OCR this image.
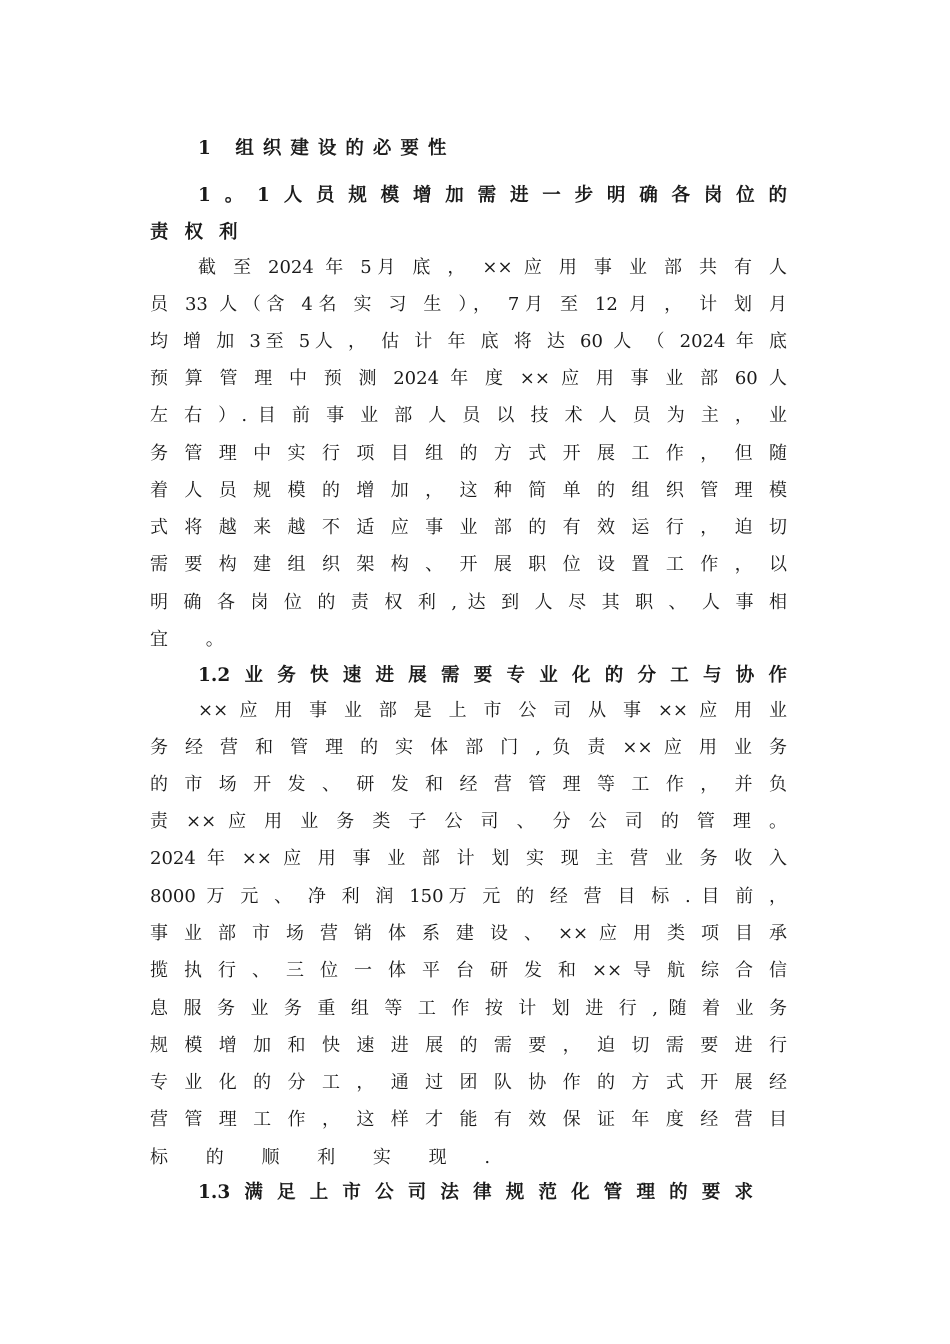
1 组织建设的必要性
1。1人员规模增加需进一步明确各岗位的
责权利
截 至 2024 年 5月 底 ， ×× 应 用 事 业 部 共 有 人
员 33 人（含 4名 实 习 生 ）， 7月 至 12 月 ， 计 划 月
均 增 加 3至 5人 ， 估 计 年 底 将 达 60 人 （ 2024 年 底
预 算 管 理 中 预 测 2024 年 度 ×× 应 用 事 业 部 60 人
左 右 ）. 目 前 事 业 部 人 员 以 技 术 人 员 为 主 ， 业
务 管 理 中 实 行 项 目 组 的 方 式 开 展 工 作 ， 但 随
着 人 员 规 模 的 增 加 ， 这 种 简 单 的 组 织 管 理 模
式 将 越 来 越 不 适 应 事 业 部 的 有 效 运 行 ， 迫 切
需 要 构 建 组 织 架 构 、 开 展 职 位 设 置 工 作 ， 以
明 确 各 岗 位 的 责 权 利 , 达 到 人 尽 其 职 、 人 事 相
宜 。
1.2业务快速进展需要专业化的分工与协作
×× 应 用 事 业 部 是 上 市 公 司 从 事 ×× 应 用 业
务 经 营 和 管 理 的 实 体 部 门 , 负 责 ×× 应 用 业 务
的 市 场 开 发 、 研 发 和 经 营 管 理 等 工 作 ， 并 负
责 ×× 应 用 业 务 类 子 公 司 、 分 公 司 的 管 理 。
2024 年 ×× 应 用 事 业 部 计 划 实 现 主 营 业 务 收 入
8000 万 元 、 净 利 润 150万 元 的 经 营 目 标 . 目 前 ，
事 业 部 市 场 营 销 体 系 建 设 、 ×× 应 用 类 项 目 承
揽 执 行 、 三 位 一 体 平 台 研 发 和 ×× 导 航 综 合 信
息 服 务 业 务 重 组 等 工 作 按 计 划 进 行 , 随 着 业 务
规 模 增 加 和 快 速 进 展 的 需 要 ， 迫 切 需 要 进 行
专 业 化 的 分 工 ， 通 过 团 队 协 作 的 方 式 开 展 经
营 管 理 工 作 ， 这 样 才 能 有 效 保 证 年 度 经 营 目
标 的 顺 利 实 现 .
1.3满足上市公司法律规范化管理的要求
